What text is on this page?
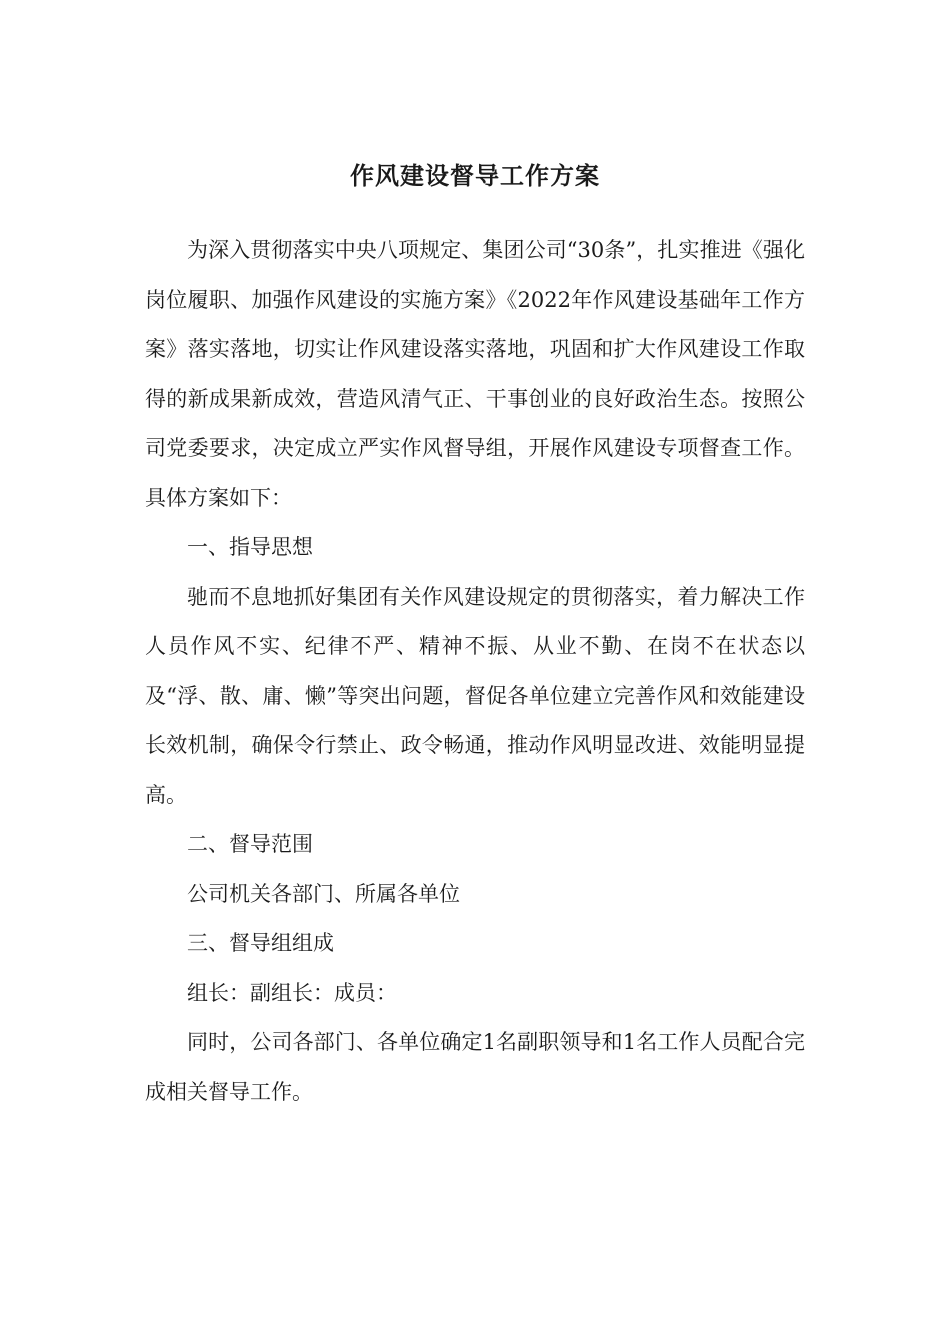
作风建设督导工作方案

为深入贯彻落实中央八项规定、集团公司“30条”，扎实推进《强化岗位履职、加强作风建设的实施方案》《2022年作风建设基础年工作方案》落实落地，切实让作风建设落实落地，巩固和扩大作风建设工作取得的新成果新成效，营造风清气正、干事创业的良好政治生态。按照公司党委要求，决定成立严实作风督导组，开展作风建设专项督查工作。具体方案如下：

一、指导思想

驰而不息地抓好集团有关作风建设规定的贯彻落实，着力解决工作人员作风不实、纪律不严、精神不振、从业不勤、在岗不在状态以及“浮、散、庸、懒”等突出问题，督促各单位建立完善作风和效能建设长效机制，确保令行禁止、政令畅通，推动作风明显改进、效能明显提高。

二、督导范围

公司机关各部门、所属各单位

三、督导组组成

组长：副组长：成员：

同时，公司各部门、各单位确定1名副职领导和1名工作人员配合完成相关督导工作。
